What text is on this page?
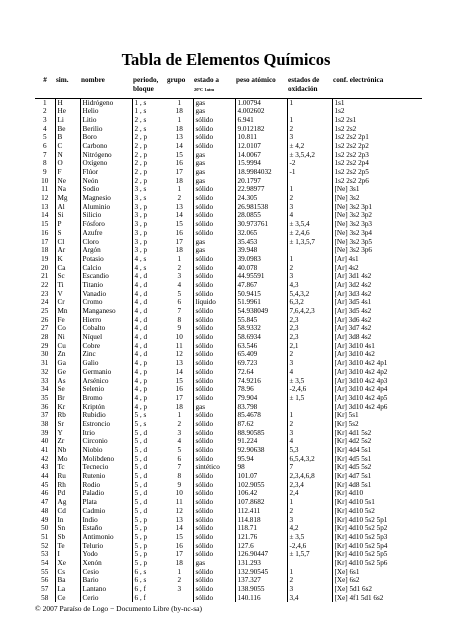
Tabla de Elementos Químicos
#	sim.	nombre	periodo, bloque	grupo	estado a
20ºC 1atm	peso atómico	estados de oxidación	conf. electrónica
1	H	Hidrógeno	1 , s	1	gas	1.00794	1	1s1
2	He	Helio	1 , s	18	gas	4.002602		1s2
3	Li	Litio	2 , s	1	sólido	6.941	1	1s2 2s1
4	Be	Berilio	2 , s	18	sólido	9.012182	2	1s2 2s2
5	B	Boro	2 , p	13	sólido	10.811	3	1s2 2s2 2p1
6	C	Carbono	2 , p	14	sólido	12.0107	± 4,2	1s2 2s2 2p2
7	N	Nitrógeno	2 , p	15	gas	14.0067	± 3,5,4,2	1s2 2s2 2p3
8	O	Oxígeno	2 , p	16	gas	15.9994	-2	1s2 2s2 2p4
9	F	Flúor	2 , p	17	gas	18.9984032	-1	1s2 2s2 2p5
10	Ne	Neón	2 , p	18	gas	20.1797		1s2 2s2 2p6
11	Na	Sodio	3 , s	1	sólido	22.98977	1	[Ne] 3s1
12	Mg	Magnesio	3 , s	2	sólido	24.305	2	[Ne] 3s2
13	Al	Aluminio	3 , p	13	sólido	26.981538	3	[Ne] 3s2 3p1
14	Si	Silicio	3 , p	14	sólido	28.0855	4	[Ne] 3s2 3p2
15	P	Fósforo	3 , p	15	sólido	30.973761	± 3,5,4	[Ne] 3s2 3p3
16	S	Azufre	3 , p	16	sólido	32.065	± 2,4,6	[Ne] 3s2 3p4
17	Cl	Cloro	3 , p	17	gas	35.453	± 1,3,5,7	[Ne] 3s2 3p5
18	Ar	Argón	3 , p	18	gas	39.948		[Ne] 3s2 3p6
19	K	Potasio	4 , s	1	sólido	39.0983	1	[Ar] 4s1
20	Ca	Calcio	4 , s	2	sólido	40.078	2	[Ar] 4s2
21	Sc	Escandio	4 , d	3	sólido	44.95591	3	[Ar] 3d1 4s2
22	Ti	Titanio	4 , d	4	sólido	47.867	4,3	[Ar] 3d2 4s2
23	V	Vanadio	4 , d	5	sólido	50.9415	5,4,3,2	[Ar] 3d3 4s2
24	Cr	Cromo	4 , d	6	líquido	51.9961	6,3,2	[Ar] 3d5 4s1
25	Mn	Manganeso	4 , d	7	sólido	54.938049	7,6,4,2,3	[Ar] 3d5 4s2
26	Fe	Hierro	4 , d	8	sólido	55.845	2,3	[Ar] 3d6 4s2
27	Co	Cobalto	4 , d	9	sólido	58.9332	2,3	[Ar] 3d7 4s2
28	Ni	Níquel	4 , d	10	sólido	58.6934	2,3	[Ar] 3d8 4s2
29	Cu	Cobre	4 , d	11	sólido	63.546	2,1	[Ar] 3d10 4s1
30	Zn	Zinc	4 , d	12	sólido	65.409	2	[Ar] 3d10 4s2
31	Ga	Galio	4 , p	13	sólido	69.723	3	[Ar] 3d10 4s2 4p1
32	Ge	Germanio	4 , p	14	sólido	72.64	4	[Ar] 3d10 4s2 4p2
33	As	Arsénico	4 , p	15	sólido	74.9216	± 3,5	[Ar] 3d10 4s2 4p3
34	Se	Selenio	4 , p	16	sólido	78.96	-2,4,6	[Ar] 3d10 4s2 4p4
35	Br	Bromo	4 , p	17	sólido	79.904	± 1,5	[Ar] 3d10 4s2 4p5
36	Kr	Kriptón	4 , p	18	gas	83.798		[Ar] 3d10 4s2 4p6
37	Rb	Rubidio	5 , s	1	sólido	85.4678	1	[Kr] 5s1
38	Sr	Estroncio	5 , s	2	sólido	87.62	2	[Kr] 5s2
39	Y	Itrio	5 , d	3	sólido	88.90585	3	[Kr] 4d1 5s2
40	Zr	Circonio	5 , d	4	sólido	91.224	4	[Kr] 4d2 5s2
41	Nb	Niobio	5 , d	5	sólido	92.90638	5,3	[Kr] 4d4 5s1
42	Mo	Molibdeno	5 , d	6	sólido	95.94	6,5,4,3,2	[Kr] 4d5 5s1
43	Tc	Tecnecio	5 , d	7	sintético	98	7	[Kr] 4d5 5s2
44	Ru	Rutenio	5 , d	8	sólido	101.07	2,3,4,6,8	[Kr] 4d7 5s1
45	Rh	Rodio	5 , d	9	sólido	102.9055	2,3,4	[Kr] 4d8 5s1
46	Pd	Paladio	5 , d	10	sólido	106.42	2,4	[Kr] 4d10
47	Ag	Plata	5 , d	11	sólido	107.8682	1	[Kr] 4d10 5s1
48	Cd	Cadmio	5 , d	12	sólido	112.411	2	[Kr] 4d10 5s2
49	In	Indio	5 , p	13	sólido	114.818	3	[Kr] 4d10 5s2 5p1
50	Sn	Estaño	5 , p	14	sólido	118.71	4,2	[Kr] 4d10 5s2 5p2
51	Sb	Antimonio	5 , p	15	sólido	121.76	± 3,5	[Kr] 4d10 5s2 5p3
52	Te	Telurio	5 , p	16	sólido	127.6	-2,4,6	[Kr] 4d10 5s2 5p4
53	I	Yodo	5 , p	17	sólido	126.90447	± 1,5,7	[Kr] 4d10 5s2 5p5
54	Xe	Xenón	5 , p	18	gas	131.293		[Kr] 4d10 5s2 5p6
55	Cs	Cesio	6 , s	1	sólido	132.90545	1	[Xe] 6s1
56	Ba	Bario	6 , s	2	sólido	137.327	2	[Xe] 6s2
57	La	Lantano	6 , f	3	sólido	138.9055	3	[Xe] 5d1 6s2
58	Ce	Cerio	6 , f		sólido	140.116	3,4	[Xe] 4f1 5d1 6s2
© 2007 Paraíso de Logo − Documento Libre (by-nc-sa)
